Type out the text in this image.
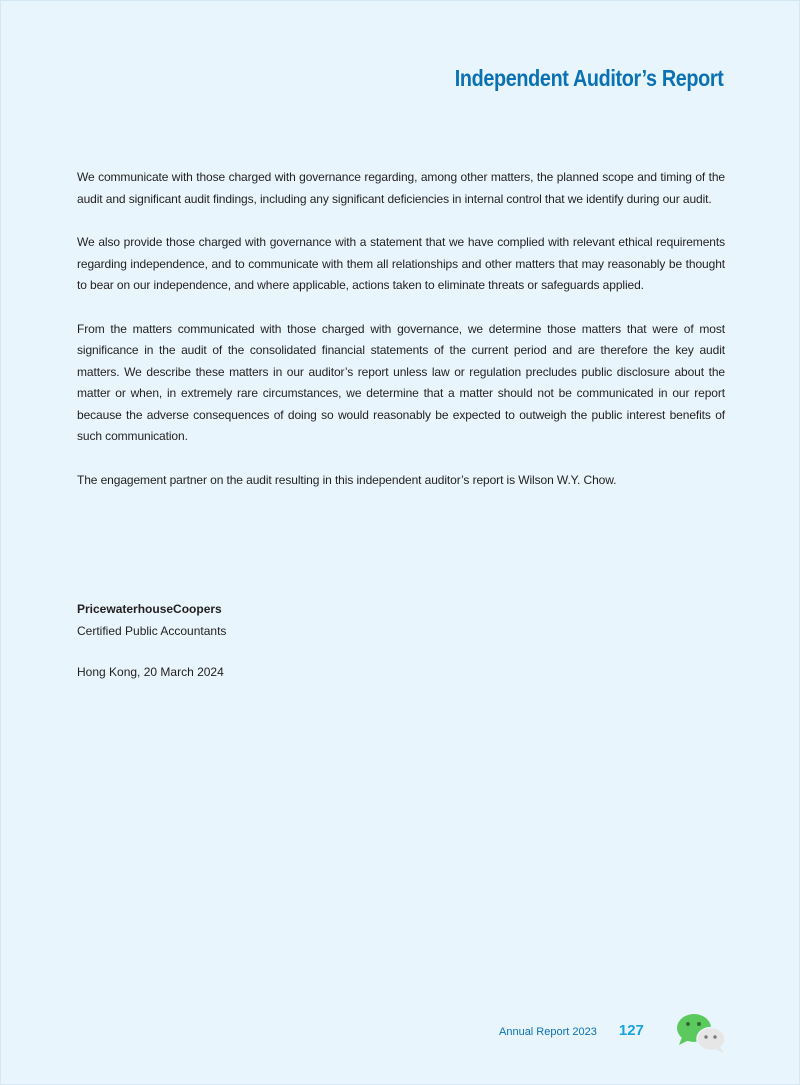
Independent Auditor’s Report

We communicate with those charged with governance regarding, among other matters, the planned scope and timing of the audit and significant audit findings, including any significant deficiencies in internal control that we identify during our audit.

We also provide those charged with governance with a statement that we have complied with relevant ethical requirements regarding independence, and to communicate with them all relationships and other matters that may reasonably be thought to bear on our independence, and where applicable, actions taken to eliminate threats or safeguards applied.

From the matters communicated with those charged with governance, we determine those matters that were of most significance in the audit of the consolidated financial statements of the current period and are therefore the key audit matters. We describe these matters in our auditor’s report unless law or regulation precludes public disclosure about the matter or when, in extremely rare circumstances, we determine that a matter should not be communicated in our report because the adverse consequences of doing so would reasonably be expected to outweigh the public interest benefits of such communication.

The engagement partner on the audit resulting in this independent auditor’s report is Wilson W.Y. Chow.

PricewaterhouseCoopers
Certified Public Accountants
Hong Kong, 20 March 2024
Annual Report 2023 127
